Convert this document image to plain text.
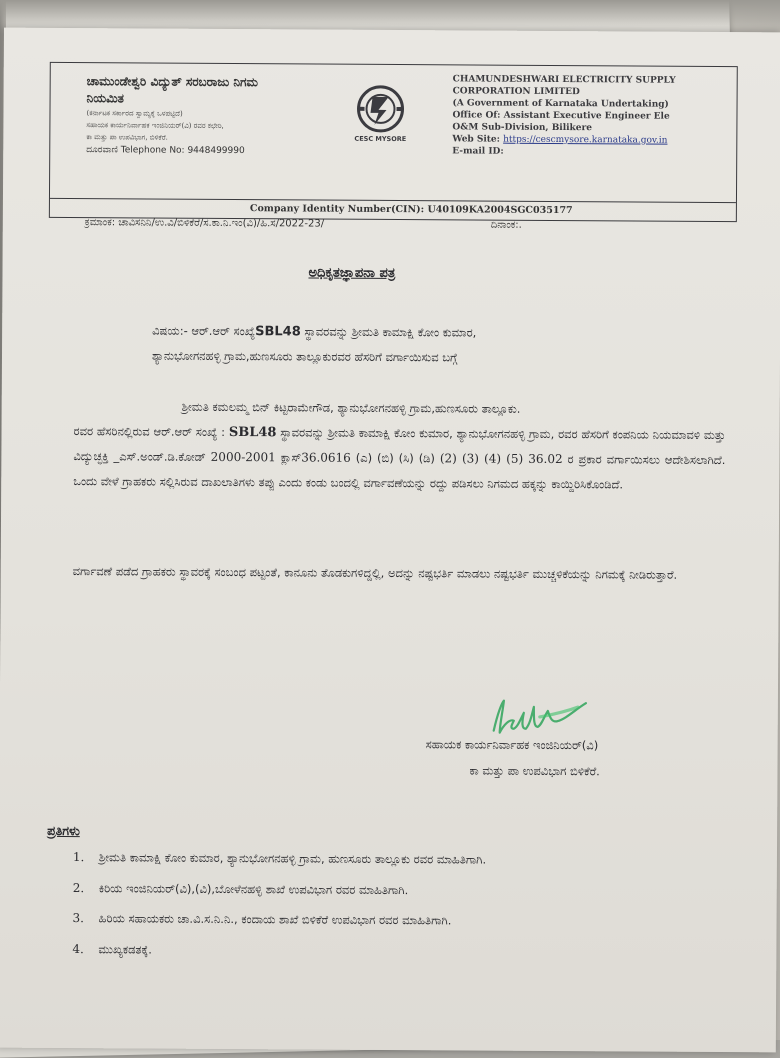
ಚಾಮುಂಡೇಶ್ವರಿ ವಿದ್ಯುತ್ ಸರಬರಾಜು ನಿಗಮ
ನಿಯಮಿತ
(ಕರ್ನಾಟಕ ಸರ್ಕಾರದ ಸ್ವಾಮ್ಯಕ್ಕೆ ಒಳಪಟ್ಟಿದೆ)
ಸಹಾಯಕ ಕಾರ್ಯನಿರ್ವಾಹಕ ಇಂಜಿನಿಯರ್(ವಿ) ರವರ ಕಛೇರಿ,
ಕಾ ಮತ್ತು ಪಾ ಉಪವಿಭಾಗ, ಬಿಳಿಕೆರೆ.
ದೂರವಾಣಿ Telephone No: 9448499990
CESC MYSORE
CHAMUNDESHWARI ELECTRICITY SUPPLY
CORPORATION LIMITED
(A Government of Karnataka Undertaking)
Office Of: Assistant Executive Engineer Ele
O&M Sub-Division, Bilikere
Web Site: https://cescmysore.karnataka.gov.in
E-mail ID:
Company Identity Number(CIN): U40109KA2004SGC035177
ಕ್ರಮಾಂಕ: ಚಾವಿಸನಿನಿ/ಉ.ವಿ/ಬಿಳಿಕೆರೆ/ಸ.ಕಾ.ನಿ.ಇಂ(ವಿ)/ಹಿ.ಸ/2022-23/	ದಿನಾಂಕ:.
ಅಧಿಕೃತಜ್ಞಾಪನಾ ಪತ್ರ
ವಿಷಯ:- ಆರ್.ಆರ್ ಸಂಖ್ಯೆSBL48 ಸ್ಥಾವರವನ್ನು ಶ್ರೀಮತಿ ಕಾಮಾಕ್ಷಿ ಕೋಂ ಕುಮಾರ,
ಶ್ಯಾನುಭೋಗನಹಳ್ಳಿ ಗ್ರಾಮ,ಹುಣಸೂರು ತಾಲ್ಲೂಕುರವರ ಹೆಸರಿಗೆ ವರ್ಗಾಯಿಸುವ ಬಗ್ಗೆ
ಶ್ರೀಮತಿ ಕಮಲಮ್ಮ ಬಿನ್ ಕಿಟ್ಟರಾಮೇಗೌಡ, ಶ್ಯಾನುಭೋಗನಹಳ್ಳಿ ಗ್ರಾಮ,ಹುಣಸೂರು ತಾಲ್ಲೂಕು.
ರವರ ಹೆಸರಿನಲ್ಲಿರುವ ಆರ್.ಆರ್ ಸಂಖ್ಯೆ : SBL48 ಸ್ಥಾವರವನ್ನು ಶ್ರೀಮತಿ ಕಾಮಾಕ್ಷಿ ಕೋಂ ಕುಮಾರ, ಶ್ಯಾನುಭೋಗನಹಳ್ಳಿ ಗ್ರಾಮ, ರವರ ಹೆಸರಿಗೆ ಕಂಪನಿಯ ನಿಯಮಾವಳಿ ಮತ್ತು ವಿದ್ಯುಚ್ಛಕ್ತಿ _ಎಸ್.ಅಂಡ್.ಡಿ.ಕೋಡ್ 2000-2001 ಕ್ಲಾಸ್36.0616 (ಎ) (ಬಿ) (ಸಿ) (ಡಿ) (2) (3) (4) (5) 36.02 ರ ಪ್ರಕಾರ ವರ್ಗಾಯಿಸಲು ಆದೇಶಿಸಲಾಗಿದೆ. ಒಂದು ವೇಳೆ ಗ್ರಾಹಕರು ಸಲ್ಲಿಸಿರುವ ದಾಖಲಾತಿಗಳು ತಪ್ಪು ಎಂದು ಕಂಡು ಬಂದಲ್ಲಿ ವರ್ಗಾವಣೆಯನ್ನು ರದ್ದು ಪಡಿಸಲು ನಿಗಮದ ಹಕ್ಕನ್ನು ಕಾಯ್ದಿರಿಸಿಕೊಂಡಿದೆ.
ವರ್ಗಾವಣೆ ಪಡೆದ ಗ್ರಾಹಕರು ಸ್ಥಾವರಕ್ಕೆ ಸಂಬಂಧ ಪಟ್ಟಂತೆ, ಕಾನೂನು ತೊಡಕುಗಳಿದ್ದಲ್ಲಿ, ಅದನ್ನು ನಷ್ಟಭರ್ತಿ ಮಾಡಲು ನಷ್ಟಭರ್ತಿ ಮುಚ್ಚಳಿಕೆಯನ್ನು ನಿಗಮಕ್ಕೆ ನೀಡಿರುತ್ತಾರೆ.
ಸಹಾಯಕ ಕಾರ್ಯನಿರ್ವಾಹಕ ಇಂಜಿನಿಯರ್(ವಿ)
ಕಾ ಮತ್ತು ಪಾ ಉಪವಿಭಾಗ ಬಿಳಿಕೆರೆ.
ಪ್ರತಿಗಳು
1. ಶ್ರೀಮತಿ ಕಾಮಾಕ್ಷಿ ಕೋಂ ಕುಮಾರ, ಶ್ಯಾನುಭೋಗನಹಳ್ಳಿ ಗ್ರಾಮ, ಹುಣಸೂರು ತಾಲ್ಲೂಕು ರವರ ಮಾಹಿತಿಗಾಗಿ.
2. ಕಿರಿಯ ಇಂಜಿನಿಯರ್(ವಿ),(ವಿ),ಬೋಳೆನಹಳ್ಳಿ ಶಾಖೆ ಉಪವಿಭಾಗ ರವರ ಮಾಹಿತಿಗಾಗಿ.
3. ಹಿರಿಯ ಸಹಾಯಕರು ಚಾ.ವಿ.ಸ.ನಿ.ನಿ., ಕಂದಾಯ ಶಾಖೆ ಬಿಳಿಕೆರೆ ಉಪವಿಭಾಗ ರವರ ಮಾಹಿತಿಗಾಗಿ.
4. ಮುಖ್ಯಕಡತಕ್ಕೆ.
